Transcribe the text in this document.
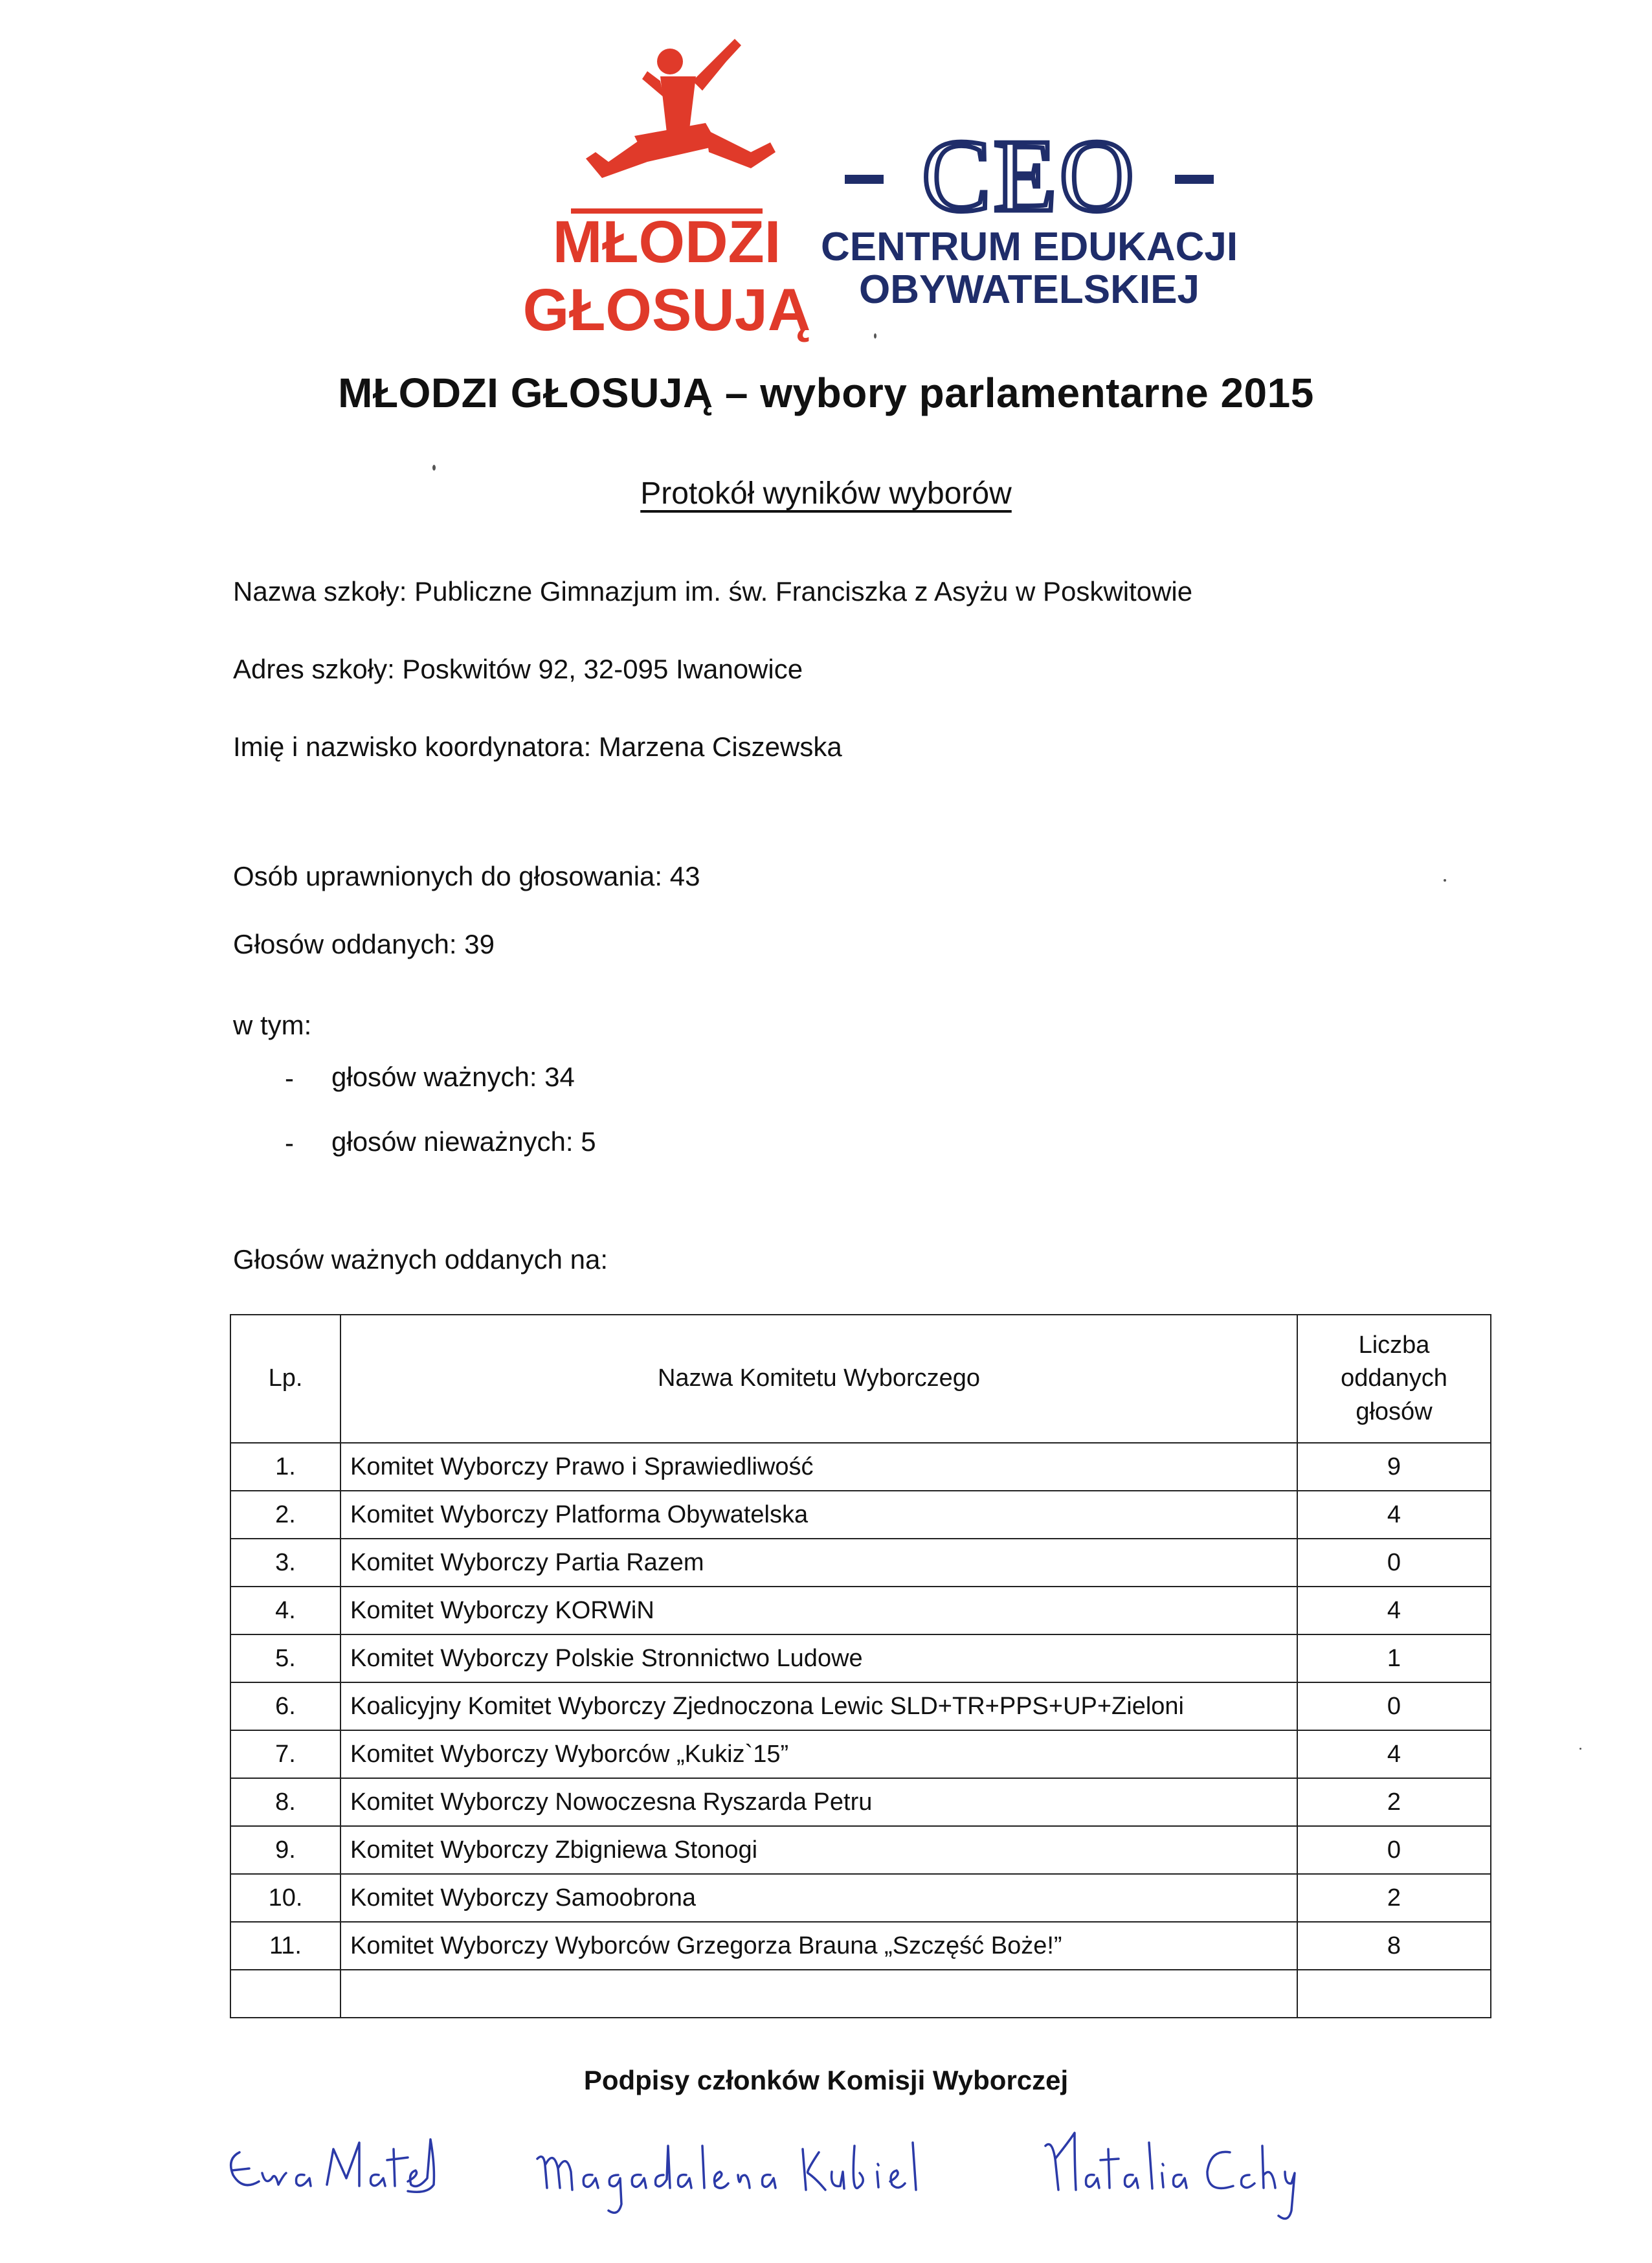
MŁODZI
GŁOSUJĄ
CEO
CENTRUM EDUKACJI
OBYWATELSKIEJ
MŁODZI GŁOSUJĄ – wybory parlamentarne 2015
Protokół wyników wyborów
Nazwa szkoły: Publiczne Gimnazjum im. św. Franciszka z Asyżu w Poskwitowie
Adres szkoły: Poskwitów 92, 32-095 Iwanowice
Imię i nazwisko koordynatora: Marzena Ciszewska
Osób uprawnionych do głosowania: 43
Głosów oddanych: 39
w tym:
- głosów ważnych: 34
- głosów nieważnych: 5
Głosów ważnych oddanych na:
Lp.	Nazwa Komitetu Wyborczego	Liczba
oddanych
głosów

1.	Komitet Wyborczy Prawo i Sprawiedliwość	9
2.	Komitet Wyborczy Platforma Obywatelska	4
3.	Komitet Wyborczy Partia Razem	0
4.	Komitet Wyborczy KORWiN	4
5.	Komitet Wyborczy Polskie Stronnictwo Ludowe	1
6.	Koalicyjny Komitet Wyborczy Zjednoczona Lewic SLD+TR+PPS+UP+Zieloni	0
7.	Komitet Wyborczy Wyborców „Kukiz`15”	4
8.	Komitet Wyborczy Nowoczesna Ryszarda Petru	2
9.	Komitet Wyborczy Zbigniewa Stonogi	0
10.	Komitet Wyborczy Samoobrona	2
11.	Komitet Wyborczy Wyborców Grzegorza Brauna „Szczęść Boże!”	8

Podpisy członków Komisji Wyborczej
